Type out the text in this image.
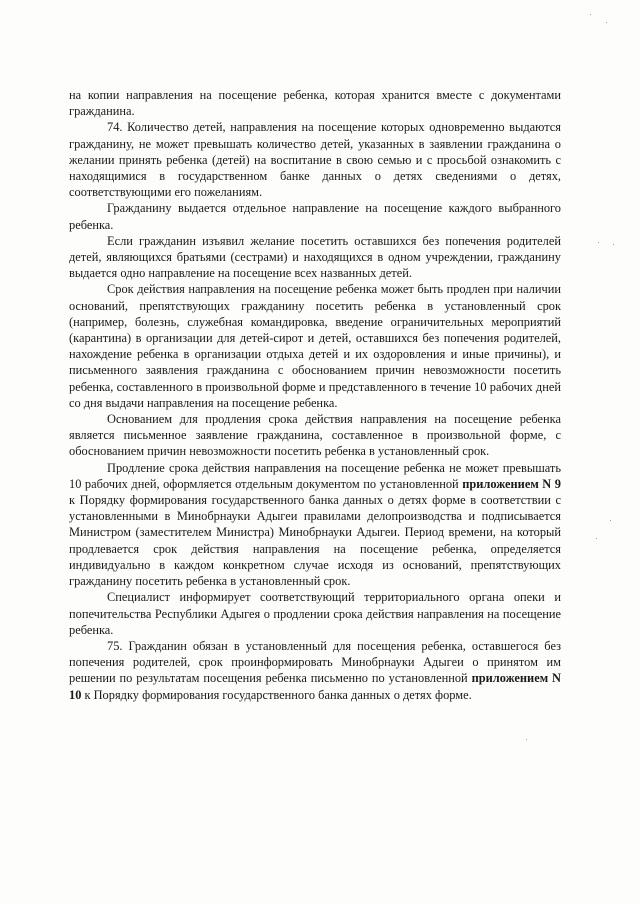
на копии направления на посещение ребенка, которая хранится вместе с документами гражданина.

74. Количество детей, направления на посещение которых одновременно выдаются гражданину, не может превышать количество детей, указанных в заявлении гражданина о желании принять ребенка (детей) на воспитание в свою семью и с просьбой ознакомить с находящимися в государственном банке данных о детях сведениями о детях, соответствующими его пожеланиям.

Гражданину выдается отдельное направление на посещение каждого выбранного ребенка.

Если гражданин изъявил желание посетить оставшихся без попечения родителей детей, являющихся братьями (сестрами) и находящихся в одном учреждении, гражданину выдается одно направление на посещение всех названных детей.

Срок действия направления на посещение ребенка может быть продлен при наличии оснований, препятствующих гражданину посетить ребенка в установленный срок (например, болезнь, служебная командировка, введение ограничительных мероприятий (карантина) в организации для детей-сирот и детей, оставшихся без попечения родителей, нахождение ребенка в организации отдыха детей и их оздоровления и иные причины), и письменного заявления гражданина с обоснованием причин невозможности посетить ребенка, составленного в произвольной форме и представленного в течение 10 рабочих дней со дня выдачи направления на посещение ребенка.

Основанием для продления срока действия направления на посещение ребенка является письменное заявление гражданина, составленное в произвольной форме, с обоснованием причин невозможности посетить ребенка в установленный срок.

Продление срока действия направления на посещение ребенка не может превышать 10 рабочих дней, оформляется отдельным документом по установленной приложением N 9 к Порядку формирования государственного банка данных о детях форме в соответствии с установленными в Минобрнауки Адыгеи правилами делопроизводства и подписывается Министром (заместителем Министра) Минобрнауки Адыгеи. Период времени, на который продлевается срок действия направления на посещение ребенка, определяется индивидуально в каждом конкретном случае исходя из оснований, препятствующих гражданину посетить ребенка в установленный срок.

Специалист информирует соответствующий территориального органа опеки и попечительства Республики Адыгея о продлении срока действия направления на посещение ребенка.

75. Гражданин обязан в установленный для посещения ребенка, оставшегося без попечения родителей, срок проинформировать Минобрнауки Адыгеи о принятом им решении по результатам посещения ребенка письменно по установленной приложением N 10 к Порядку формирования государственного банка данных о детях форме.
